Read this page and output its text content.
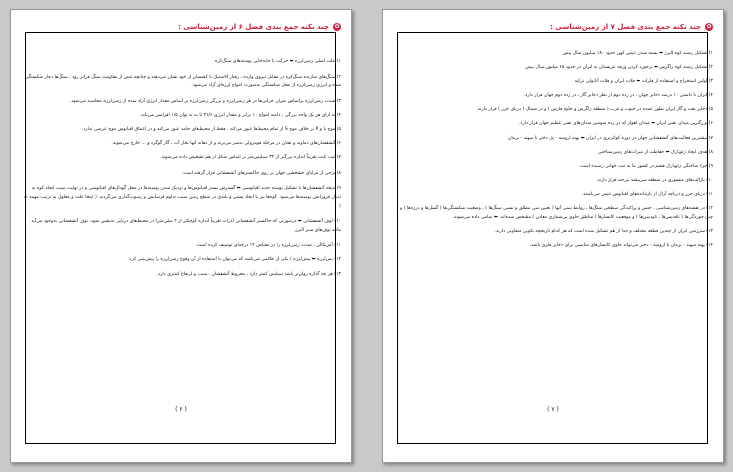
✿
چند نکته جمع بندی فصل ۶ از زمین‌شناسی :
۱) علت اصلی زمین‌لرزه ⬅ حرکت یا جابه‌جایی پوسته‌های سنگ‌کره
۲) سنگ‌های سازنده سنگ‌کره در مقابل نیروی وارده ، رفتار الاستیک یا کشسان از خود نشان می‌دهند و چنانچه تنش از مقاومت سنگ فراتر رود ، سنگ‌ها دچار شکستگی شده و انرژی زمین‌لرزه از محل شکستگی به‌صورت امواج لرزه‌ای آزاد می‌شود.
۳) شدت زمین‌لرزه براساس میزان خرابی‌ها در هر زمین‌لرزه و بزرگی زمین‌لرزه بر اساس مقدار انرژی آزاد شده از زمین‌لرزه محاسبه می‌شود.
۴) به ازای هر یک واحد بزرگی ، دامنه امواج ۱۰ برابر و مقدار انرژی ۳۱/۶ تا به به توان ۱/۵ افزایش می‌یابد.
۵) موج L و P بر خلاف موج S از تمام محیط‌ها عبور می‌کند . فقط از محیط‌های جامد عبور می‌کند و در اعماق اقیانوس موج عرضی ندارد.
۶) آتشفشان‌های دماوند و تفتان در مرحله فومرولی به‌سر می‌برند و از دهانه آنها بخار آب ، گاز گوگرد و ... خارج می‌شوند.
۷) ثبت ثابت تقریباً اندازه بزرگتر از ۳۲ سیلیس‌متر بر اساس شکل از هم تشخیص داده می‌شوند.
۸) برخی از مزایای خشخشی جهان بر روی خاکسترهای آتشفشانی قرار گرفته است.
۹) نتیجه آتشفشان‌ها با تشکیل پوسته جدید اقیانوسی ⬅ گسترش بستر اقیانوس‌ها و نزدیک شدن پوسته‌ها در محل گودال‌های اقیانوسی و در نهایت سبب ایجاد کوه به دنبال فرورانش پوسته‌ها می‌شود. کوه‌ها نیز با ایجاد پستی و بلندی در سطح زمین سبب تداوم فرسایش و رسوب‌گذاری می‌گردند. ( اینجا علت و معلول به ترتیب مهمه ⚠ )
۱۰) لوف آتشفشانی ⬅ درصورتی که خاکستر آتشفشانی (ذرات تقریباً اندازه کوچکتر از ۲ میلی‌متر) در محیط‌های دریایی ته‌نشین شود، توف آتشفشانی به‌وجود می‌آید مانند توف‌های سبز البرز.
۱۱) آمریکالی ، شدت زمین‌لرزه را در مقیاس ۱۲ درجه‌ای توصیف کرده است.
۱۲) پس‌لرزه ⬅ پیش‌لرزه ) یکی از علائمی می‌باشد که می‌توان با استفاده از آن وقوع زمین‌لرزه را پیش‌بینی کرد.
۱۳) هر چه گدازه روان‌تر باشد سیلیس کمتر دارد ، مخروط آتشفشان ، شیب و ارتفاع کمتری دارد.
( ۶ )
✿
چند نکته جمع بندی فصل ۷ از زمین‌شناسی :
۱) تشکیل رشته کوه البرز ⬅ بسته شدن تتیس کهن حدود ۱۸۰ میلیون سال پیش
۲) تشکیل رشته کوه زاگرس ⬅ برخورد کردن ورقه عربستان به ایران در حدود ۶۵ میلیون سال پیش
۳) اولین استخراج و استفاده از فلزات ⬅ فلات ایران و فلات آناتولی ترکیه
۴) ایران با داشتن ۱۰ درصد ذخایر جهان ، در رده دوم از نظر ذخایر گاز ، در رده دوم جهان قرار دارد.
۵) ذخایر نفت و گاز ایران بطور عمده در جنوب و غرب ( منطقه زاگرس و خلیج فارس ) و در شمال ( دریای خزر ) قرار دارند.
۶) بزرگترین میدان نفتی ایران ⬅ میدان اهواز که در رده سومین میدان‌های نفتی عظیم جهان قرار دارد.
۷) بیشترین فعالیت‌های آتشفشانی جهان در دوره کواترنری در ایران ⬅ پهنه ارومیه - پل دختر تا سهند - بزمان
۸) هدف ایجاد ژئوپارک ⬅ حفاظت از میراث‌های زمین‌شناختی
۹) جزء ساختگی ژئوپارک قشم در کشور ما به ثبت جهانی رسیده است.
۱۰) بازالت‌های منشوری در منطقه سربیشه بیرجند قرار دارند.
۱۱) دریای خزر و دریاچه آرال از بازمانده‌های اقیانوس تتیس می‌باشند.
۱۲) در نقشه‌های زمین‌شناسی ، جنس و پراکندگی سطحی سنگ‌ها ، روابط سنی آنها ( تعیین سن مطلق و نسبی سنگ‌ها ) ، وضعیت شکستگی‌ها ( گسل‌ها و درزه‌ها ) و چین خوردگی‌ها ( تاقدیس‌ها ، ناودیس‌ها ) و موقعیت کانسارها ( مناطق حاوی پی‌شماری معادن ) مشخص شده‌اند. ⬅ تمامی داده می‌شوند.
۱۳) سرزمین ایران از چندین قطعه مختلف و جدا از هم تشکیل شده است که هر کدام تاریخچه تکوین متفاوتی دارند.
۱۴) پهنه سهند - بزمان یا ارومیه - دختر می‌تواند حاوی کانسارهای مناسبی برای ذخایر فلزی باشد.
( ۷ )
